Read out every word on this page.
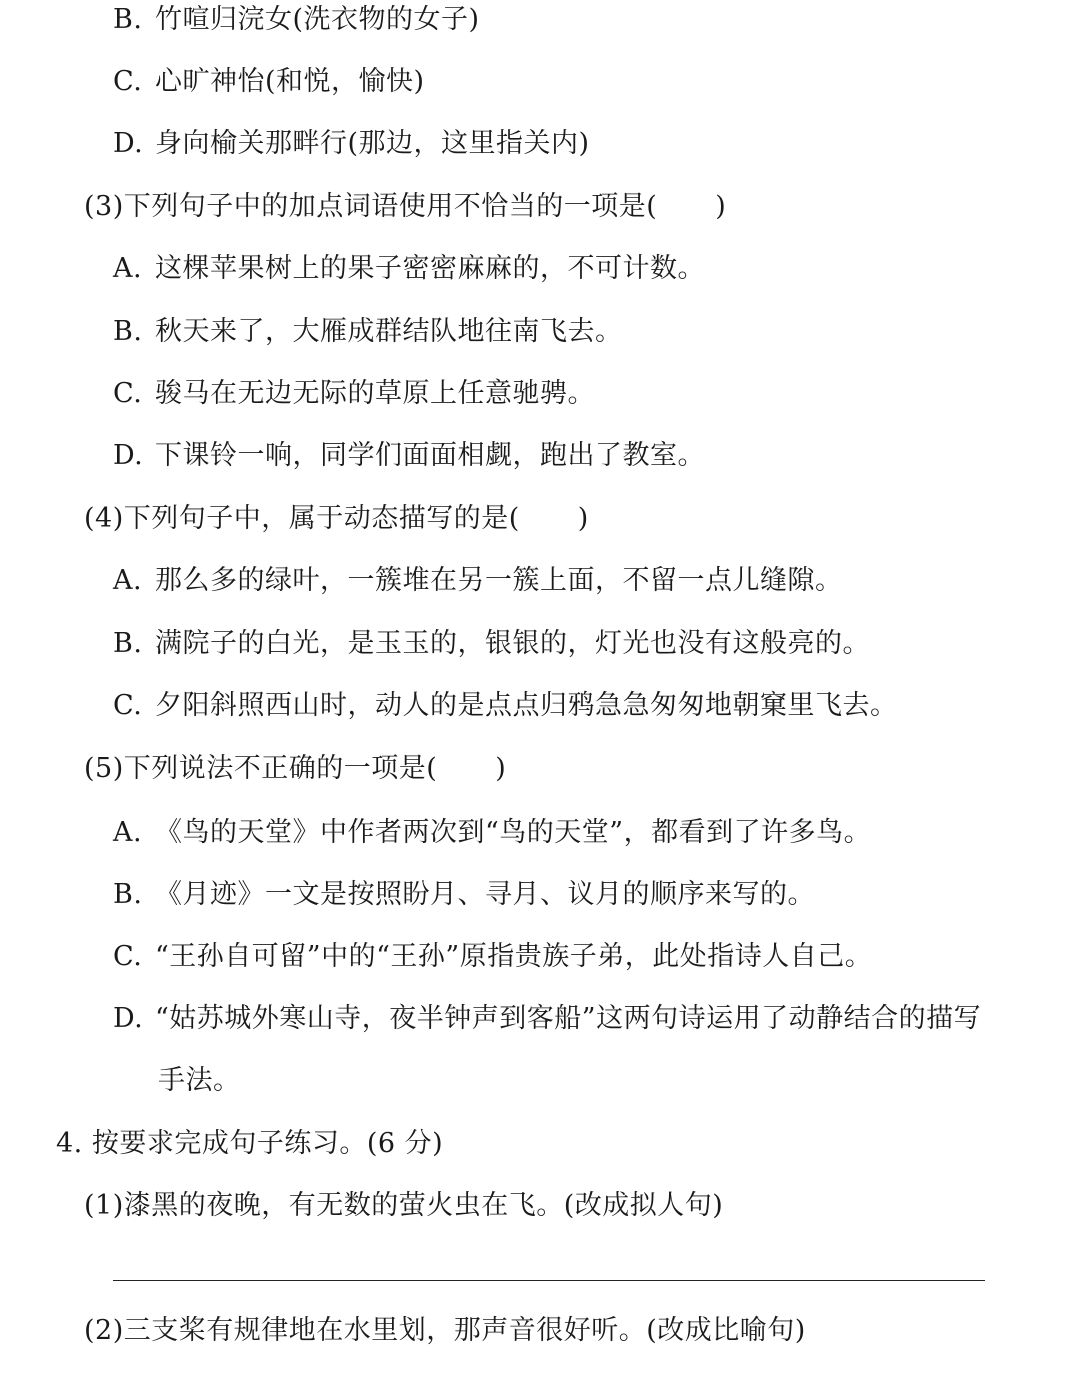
B. 竹喧归浣女(洗衣物的女子)
C. 心旷神怡(和悦，愉快)
D. 身向榆关那畔行(那边，这里指关内)
(3)下列句子中的加点词语使用不恰当的一项是( )
A. 这棵苹果树上的果子密密麻麻的，不可计数。
B. 秋天来了，大雁成群结队地往南飞去。
C. 骏马在无边无际的草原上任意驰骋。
D. 下课铃一响，同学们面面相觑，跑出了教室。
(4)下列句子中，属于动态描写的是( )
A. 那么多的绿叶，一簇堆在另一簇上面，不留一点儿缝隙。
B. 满院子的白光，是玉玉的，银银的，灯光也没有这般亮的。
C. 夕阳斜照西山时，动人的是点点归鸦急急匆匆地朝窠里飞去。
(5)下列说法不正确的一项是( )
A. 《鸟的天堂》中作者两次到“鸟的天堂”，都看到了许多鸟。
B. 《月迹》一文是按照盼月、寻月、议月的顺序来写的。
C. “王孙自可留”中的“王孙”原指贵族子弟，此处指诗人自己。
D. “姑苏城外寒山寺，夜半钟声到客船”这两句诗运用了动静结合的描写
手法。
4. 按要求完成句子练习。(6 分)
(1)漆黑的夜晚，有无数的萤火虫在飞。(改成拟人句)
(2)三支桨有规律地在水里划，那声音很好听。(改成比喻句)
